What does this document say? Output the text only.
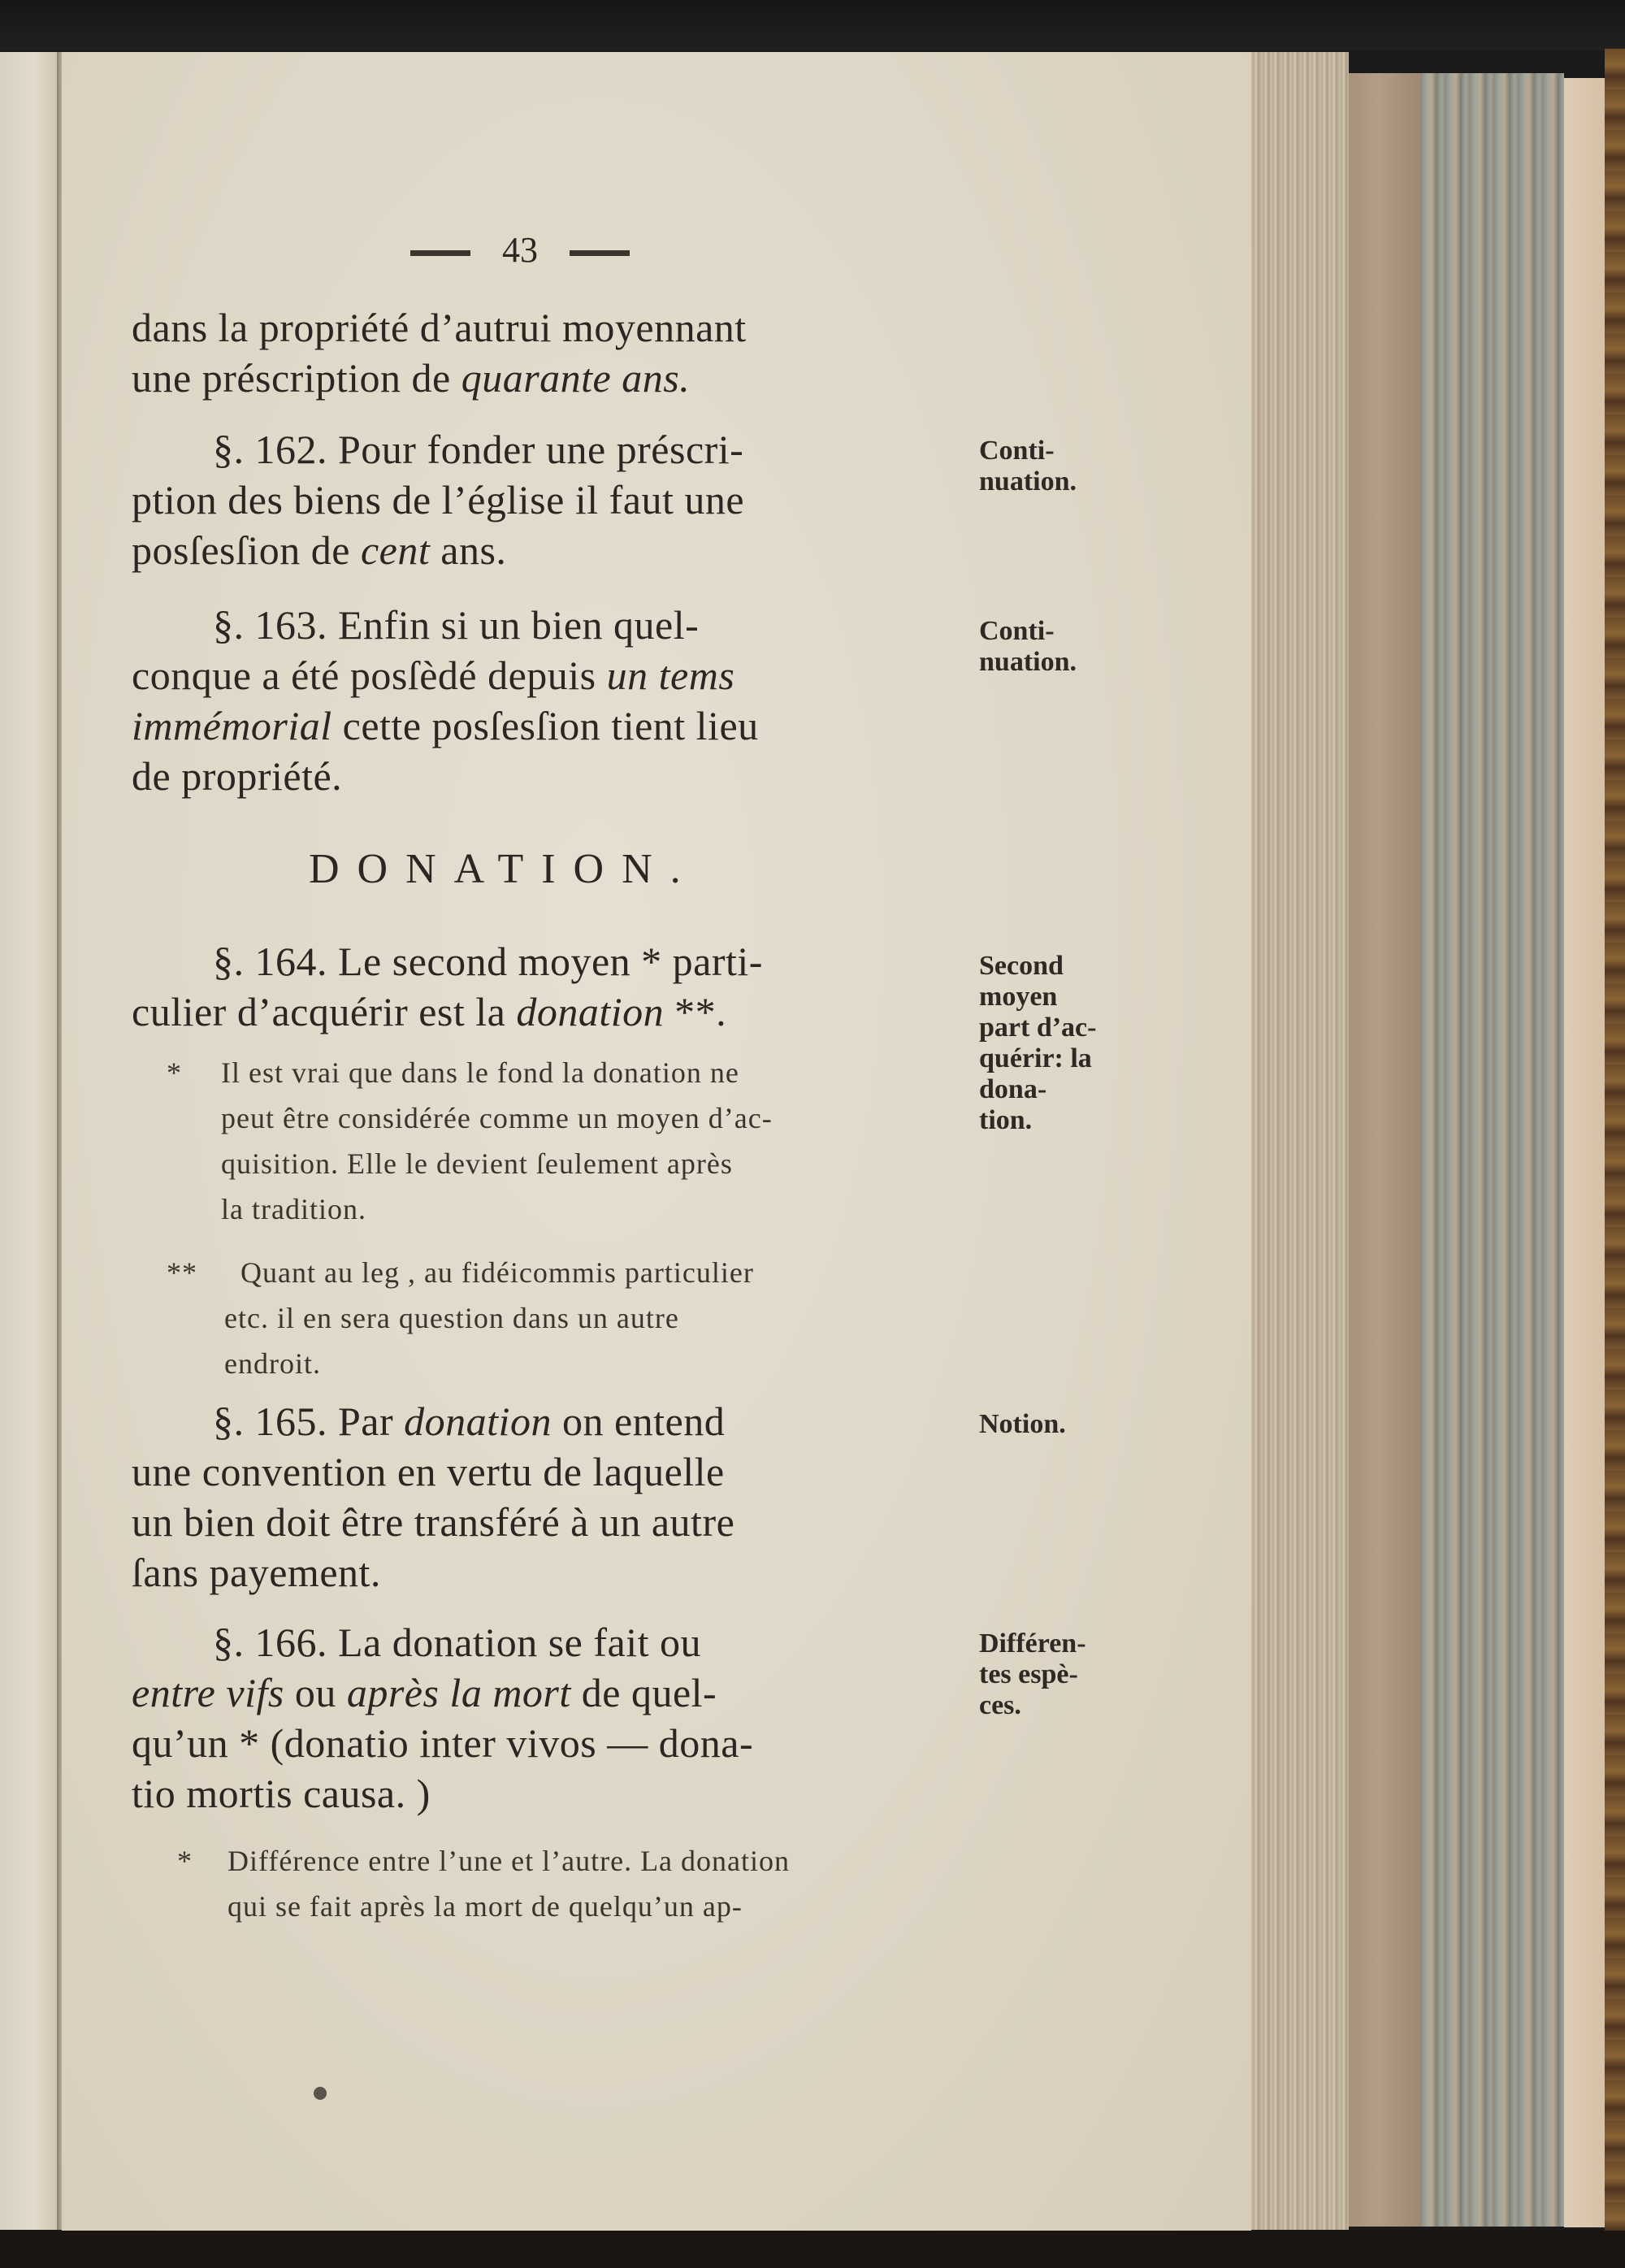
43
dans la propriété d’autrui moyennant
une préscription de quarante ans.
§. 162. Pour fonder une préscri-
ption des biens de l’église il faut une
posſesſion de cent ans.
Conti-
nuation.
§. 163. Enfin si un bien quel-
conque a été posſèdé depuis un tems
immémorial cette posſesſion tient lieu
de propriété.
Conti-
nuation.
DONATION.
§. 164. Le second moyen * parti-
culier d’acquérir est la donation **.
Second
moyen
part d’ac-
quérir: la
dona-
tion.
* Il est vrai que dans le fond la donation ne
peut être considérée comme un moyen d’ac-
quisition. Elle le devient ſeulement après
la tradition.
** Quant au leg , au fidéicommis particulier
etc. il en sera question dans un autre
endroit.
§. 165. Par donation on entend
une convention en vertu de laquelle
un bien doit être transféré à un autre
ſans payement.
Notion.
§. 166. La donation se fait ou
entre vifs ou après la mort de quel-
qu’un * (donatio inter vivos — dona-
tio mortis causa. )
Différen-
tes espè-
ces.
* Différence entre l’une et l’autre. La donation
qui se fait après la mort de quelqu’un ap-
